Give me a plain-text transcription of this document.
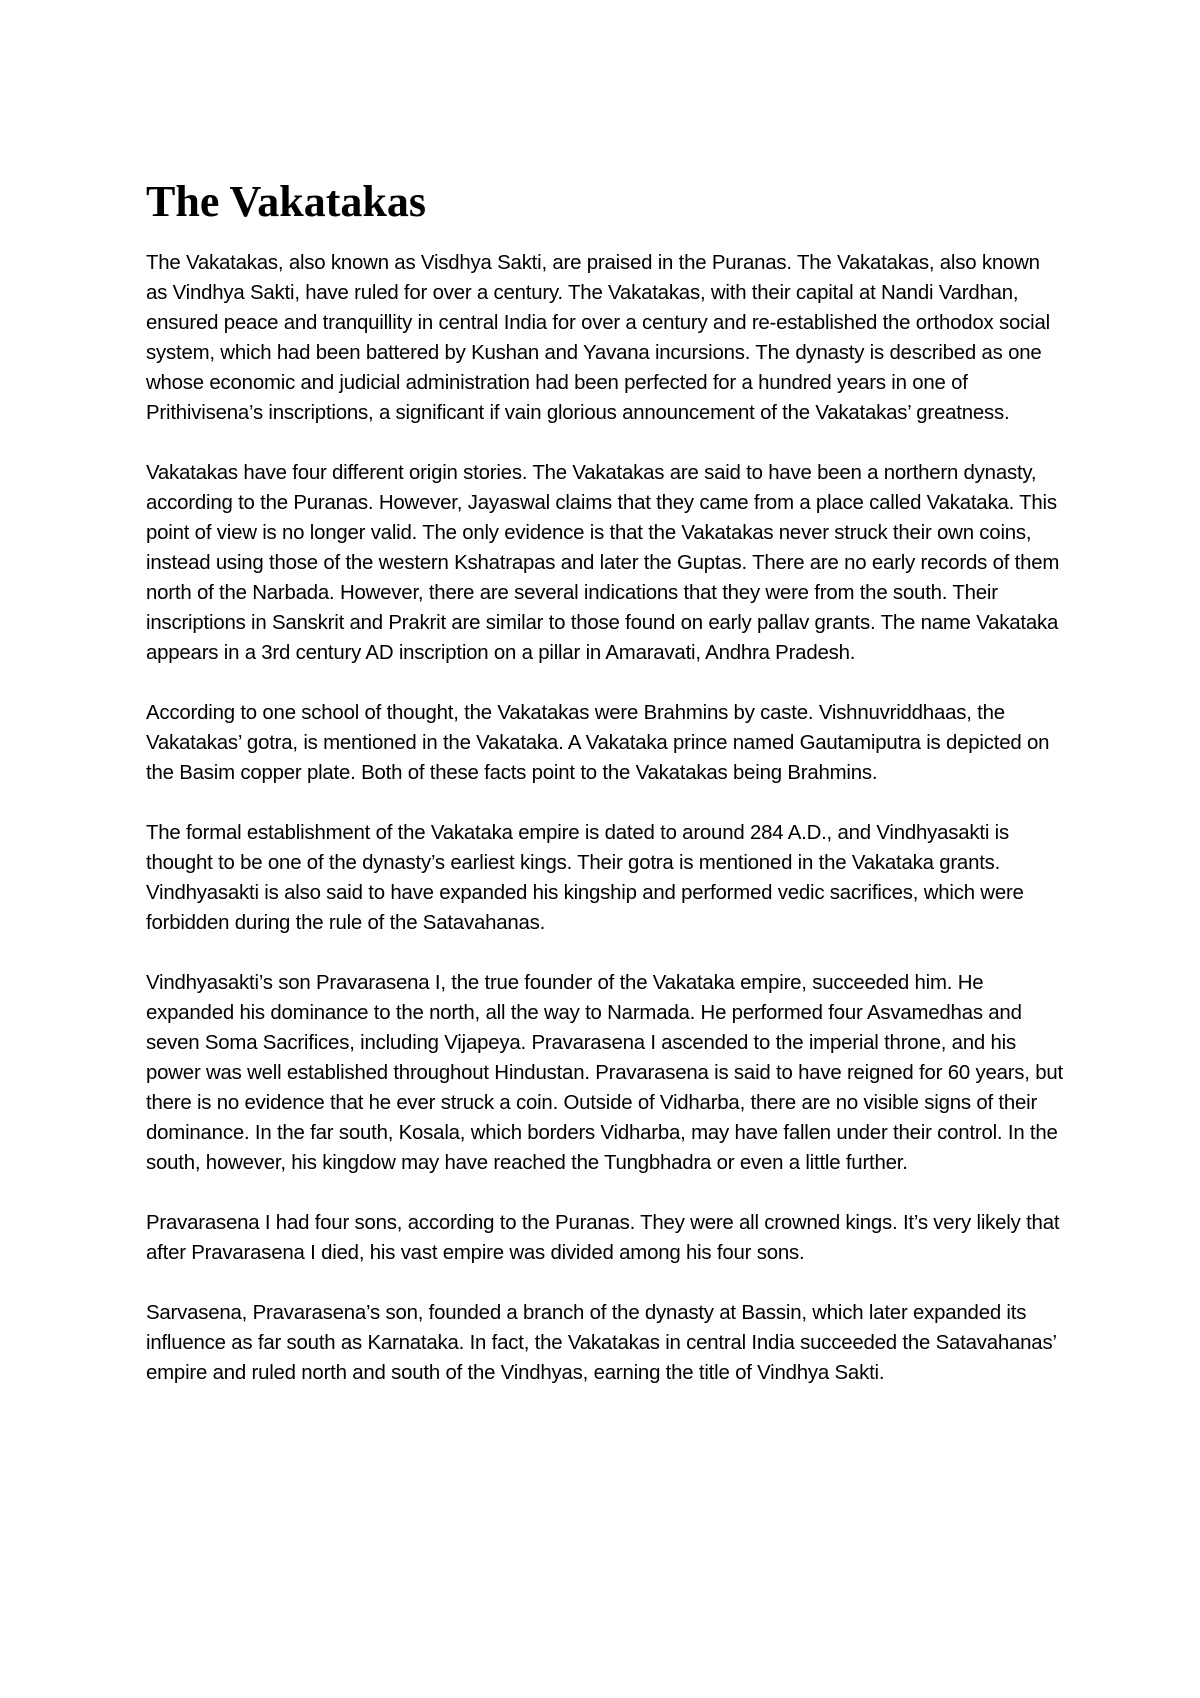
The Vakatakas

The Vakatakas, also known as Visdhya Sakti, are praised in the Puranas. The Vakatakas, also known as Vindhya Sakti, have ruled for over a century. The Vakatakas, with their capital at Nandi Vardhan, ensured peace and tranquillity in central India for over a century and re-established the orthodox social system, which had been battered by Kushan and Yavana incursions. The dynasty is described as one whose economic and judicial administration had been perfected for a hundred years in one of Prithivisena’s inscriptions, a significant if vain glorious announcement of the Vakatakas’ greatness.

Vakatakas have four different origin stories. The Vakatakas are said to have been a northern dynasty, according to the Puranas. However, Jayaswal claims that they came from a place called Vakataka. This point of view is no longer valid. The only evidence is that the Vakatakas never struck their own coins, instead using those of the western Kshatrapas and later the Guptas. There are no early records of them north of the Narbada. However, there are several indications that they were from the south. Their inscriptions in Sanskrit and Prakrit are similar to those found on early pallav grants. The name Vakataka appears in a 3rd century AD inscription on a pillar in Amaravati, Andhra Pradesh.

According to one school of thought, the Vakatakas were Brahmins by caste. Vishnuvriddhaas, the Vakatakas’ gotra, is mentioned in the Vakataka. A Vakataka prince named Gautamiputra is depicted on the Basim copper plate. Both of these facts point to the Vakatakas being Brahmins.

The formal establishment of the Vakataka empire is dated to around 284 A.D., and Vindhyasakti is thought to be one of the dynasty’s earliest kings. Their gotra is mentioned in the Vakataka grants. Vindhyasakti is also said to have expanded his kingship and performed vedic sacrifices, which were forbidden during the rule of the Satavahanas.

Vindhyasakti’s son Pravarasena I, the true founder of the Vakataka empire, succeeded him. He expanded his dominance to the north, all the way to Narmada. He performed four Asvamedhas and seven Soma Sacrifices, including Vijapeya. Pravarasena I ascended to the imperial throne, and his power was well established throughout Hindustan. Pravarasena is said to have reigned for 60 years, but there is no evidence that he ever struck a coin. Outside of Vidharba, there are no visible signs of their dominance. In the far south, Kosala, which borders Vidharba, may have fallen under their control. In the south, however, his kingdow may have reached the Tungbhadra or even a little further.

Pravarasena I had four sons, according to the Puranas. They were all crowned kings. It’s very likely that after Pravarasena I died, his vast empire was divided among his four sons.

Sarvasena, Pravarasena’s son, founded a branch of the dynasty at Bassin, which later expanded its influence as far south as Karnataka. In fact, the Vakatakas in central India succeeded the Satavahanas’ empire and ruled north and south of the Vindhyas, earning the title of Vindhya Sakti.
